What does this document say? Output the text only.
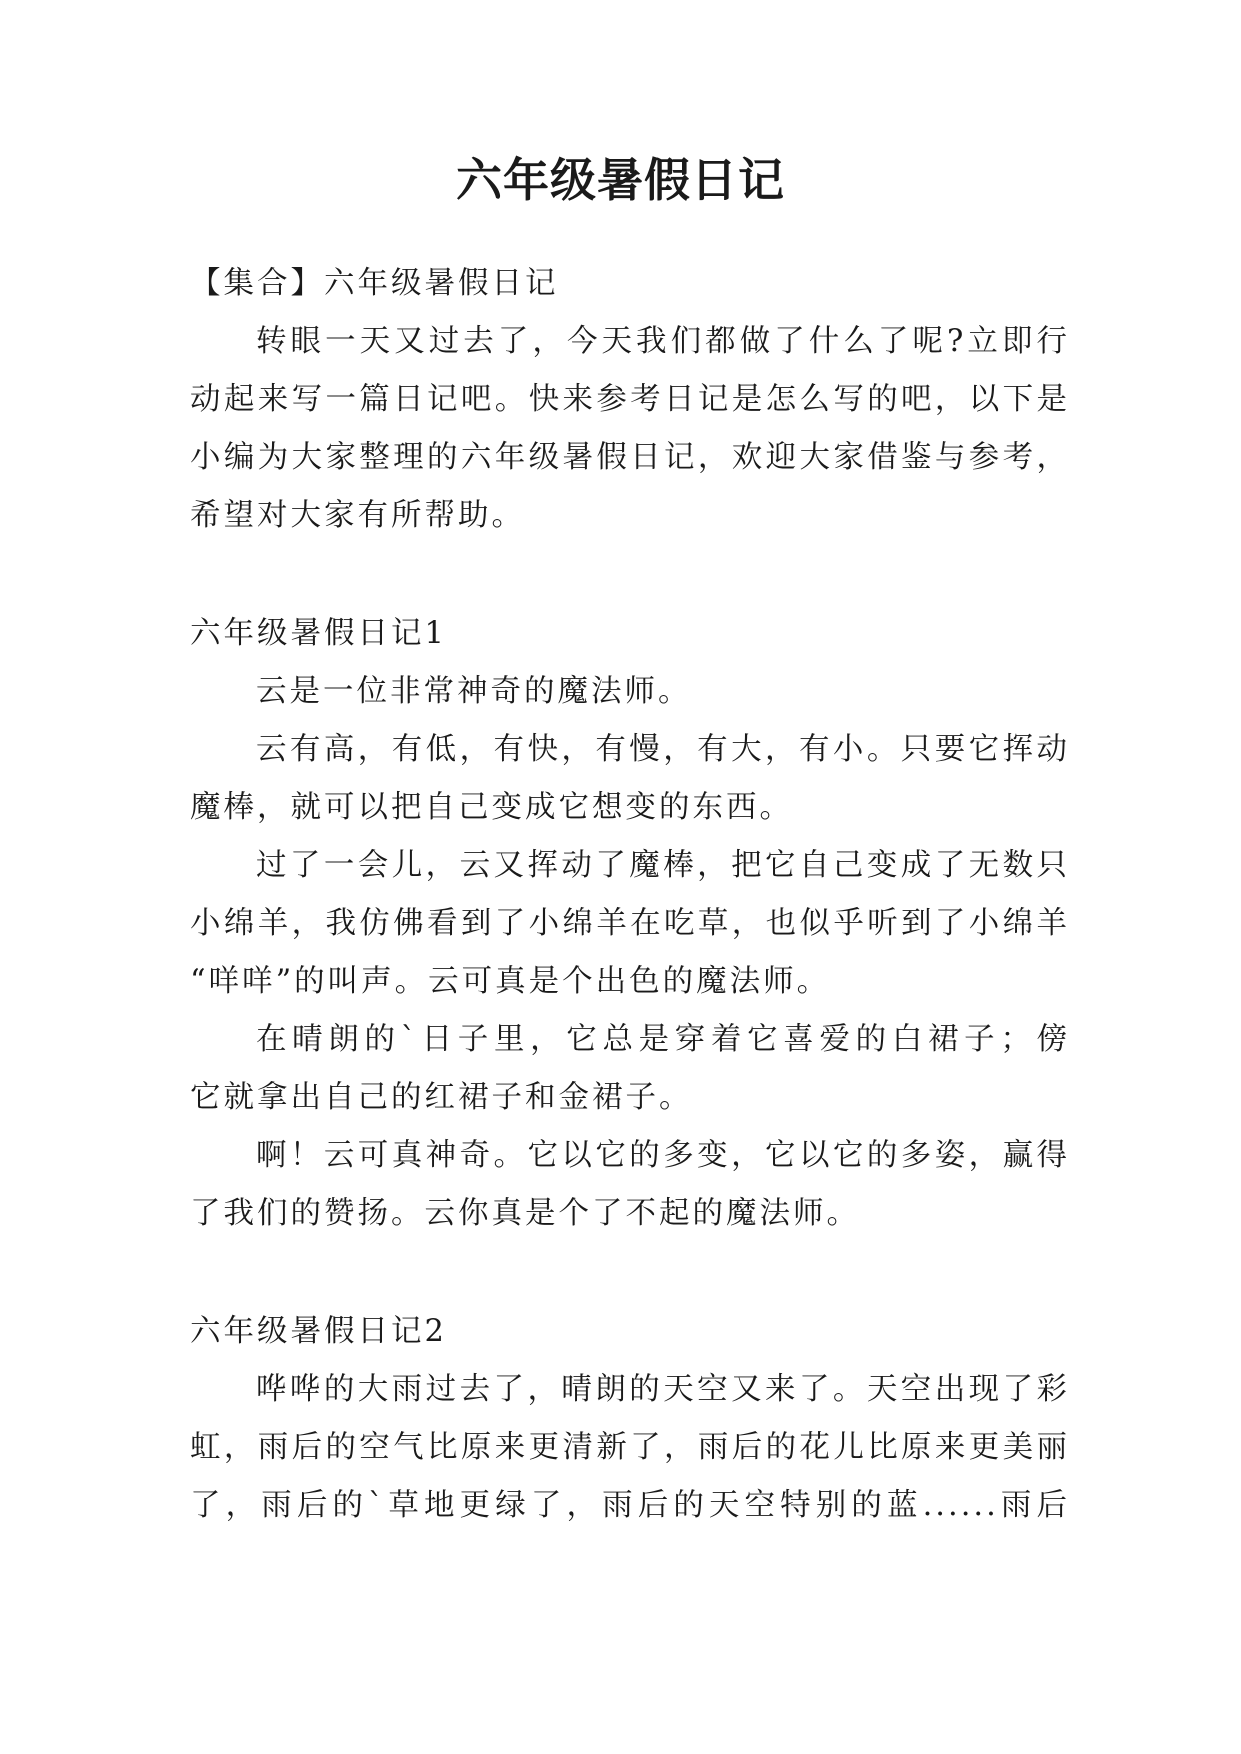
六年级暑假日记
【集合】六年级暑假日记
转眼一天又过去了，今天我们都做了什么了呢?立即行
动起来写一篇日记吧。快来参考日记是怎么写的吧，以下是
小编为大家整理的六年级暑假日记，欢迎大家借鉴与参考，
希望对大家有所帮助。
六年级暑假日记1
云是一位非常神奇的魔法师。
云有高，有低，有快，有慢，有大，有小。只要它挥动
魔棒，就可以把自己变成它想变的东西。
过了一会儿，云又挥动了魔棒，把它自己变成了无数只
小绵羊，我仿佛看到了小绵羊在吃草，也似乎听到了小绵羊
“咩咩”的叫声。云可真是个出色的魔法师。
在晴朗的`日子里，它总是穿着它喜爱的白裙子；傍
它就拿出自己的红裙子和金裙子。
啊！云可真神奇。它以它的多变，它以它的多姿，赢得
了我们的赞扬。云你真是个了不起的魔法师。
六年级暑假日记2
哗哗的大雨过去了，晴朗的天空又来了。天空出现了彩
虹，雨后的空气比原来更清新了，雨后的花儿比原来更美丽
了，雨后的`草地更绿了，雨后的天空特别的蓝......雨后
